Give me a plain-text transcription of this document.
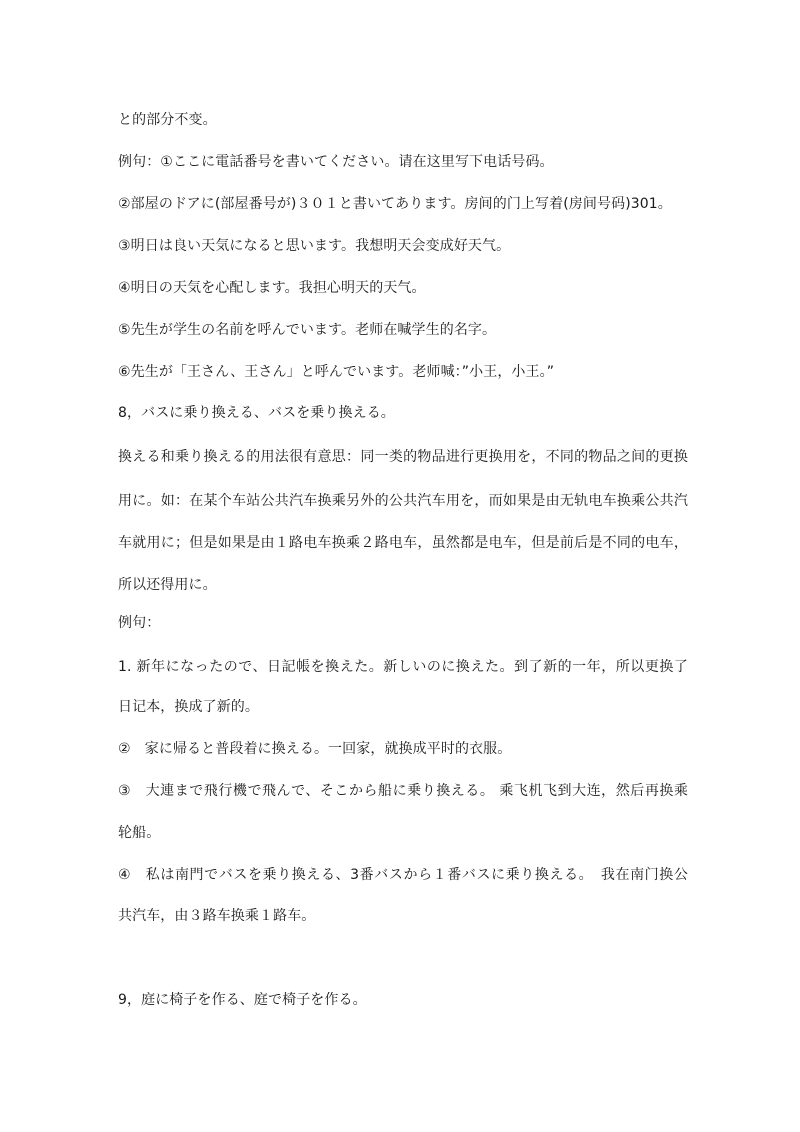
と的部分不变。
例句：①ここに電話番号を書いてください。请在这里写下电话号码。
②部屋のドアに(部屋番号が)３０１と書いてあります。房间的门上写着(房间号码)301。
③明日は良い天気になると思います。我想明天会变成好天气。
④明日の天気を心配します。我担心明天的天气。
⑤先生が学生の名前を呼んでいます。老师在喊学生的名字。
⑥先生が「王さん、王さん」と呼んでいます。老师喊：”小王，小王。”
8，バスに乗り換える、バスを乗り換える。
換える和乗り換える的用法很有意思：同一类的物品进行更换用を，不同的物品之间的更换
用に。如：在某个车站公共汽车换乘另外的公共汽车用を，而如果是由无轨电车换乘公共汽
车就用に；但是如果是由１路电车换乘２路电车，虽然都是电车，但是前后是不同的电车，
所以还得用に。
例句：
1. 新年になったので、日記帳を換えた。新しいのに換えた。到了新的一年，所以更换了
日记本，换成了新的。
②　家に帰ると普段着に換える。一回家，就换成平时的衣服。
③　大連まで飛行機で飛んで、そこから船に乗り換える。 乘飞机飞到大连，然后再换乘
轮船。
④　私は南門でバスを乗り換える、3番バスから１番バスに乗り換える。　我在南门换公
共汽车，由３路车换乘１路车。
9，庭に椅子を作る、庭で椅子を作る。
